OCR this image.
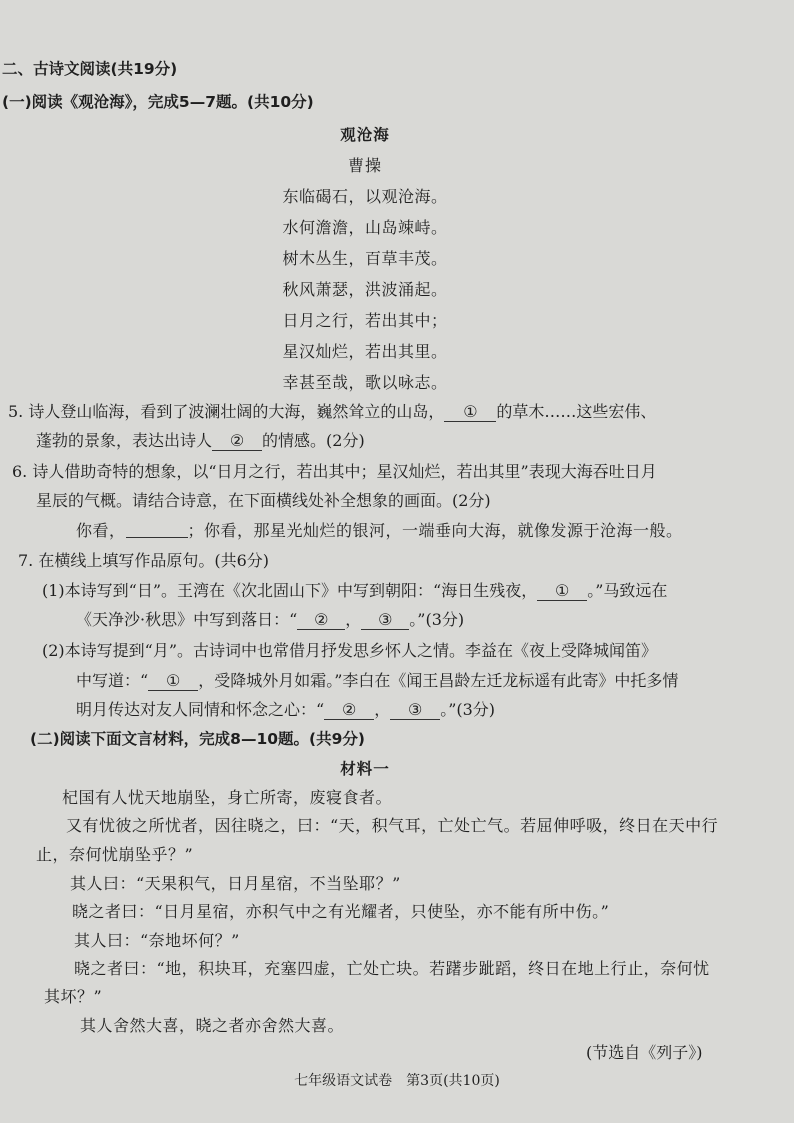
二、古诗文阅读(共19分)
(一)阅读《观沧海》，完成5—7题。(共10分)
观沧海
曹操
东临碣石，以观沧海。
水何澹澹，山岛竦峙。
树木丛生，百草丰茂。
秋风萧瑟，洪波涌起。
日月之行，若出其中；
星汉灿烂，若出其里。
幸甚至哉，歌以咏志。
5. 诗人登山临海，看到了波澜壮阔的大海，巍然耸立的山岛， ① 的草木……这些宏伟、
蓬勃的景象，表达出诗人 ② 的情感。(2分)
6. 诗人借助奇特的想象，以“日月之行，若出其中；星汉灿烂，若出其里”表现大海吞吐日月
星辰的气概。请结合诗意，在下面横线处补全想象的画面。(2分)
你看，	；你看，那星光灿烂的银河，一端垂向大海，就像发源于沧海一般。
7. 在横线上填写作品原句。(共6分)
(1)本诗写到“日”。王湾在《次北固山下》中写到朝阳：“海日生残夜， ① 。”马致远在
《天净沙·秋思》中写到落日：“ ② ， ③ 。”(3分)
(2)本诗写提到“月”。古诗词中也常借月抒发思乡怀人之情。李益在《夜上受降城闻笛》
中写道：“ ① ，受降城外月如霜。”李白在《闻王昌龄左迁龙标遥有此寄》中托多情
明月传达对友人同情和怀念之心：“ ② ， ③ 。”(3分)
(二)阅读下面文言材料，完成8—10题。(共9分)
材料一
杞国有人忧天地崩坠，身亡所寄，废寝食者。
又有忧彼之所忧者，因往晓之，曰：“天，积气耳，亡处亡气。若屈伸呼吸，终日在天中行
止，奈何忧崩坠乎？”
其人曰：“天果积气，日月星宿，不当坠耶？”
晓之者曰：“日月星宿，亦积气中之有光耀者，只使坠，亦不能有所中伤。”
其人曰：“奈地坏何？”
晓之者曰：“地，积块耳，充塞四虚，亡处亡块。若躇步跐蹈，终日在地上行止，奈何忧
其坏？”
其人舍然大喜，晓之者亦舍然大喜。
(节选自《列子》)
七年级语文试卷　第3页(共10页)
